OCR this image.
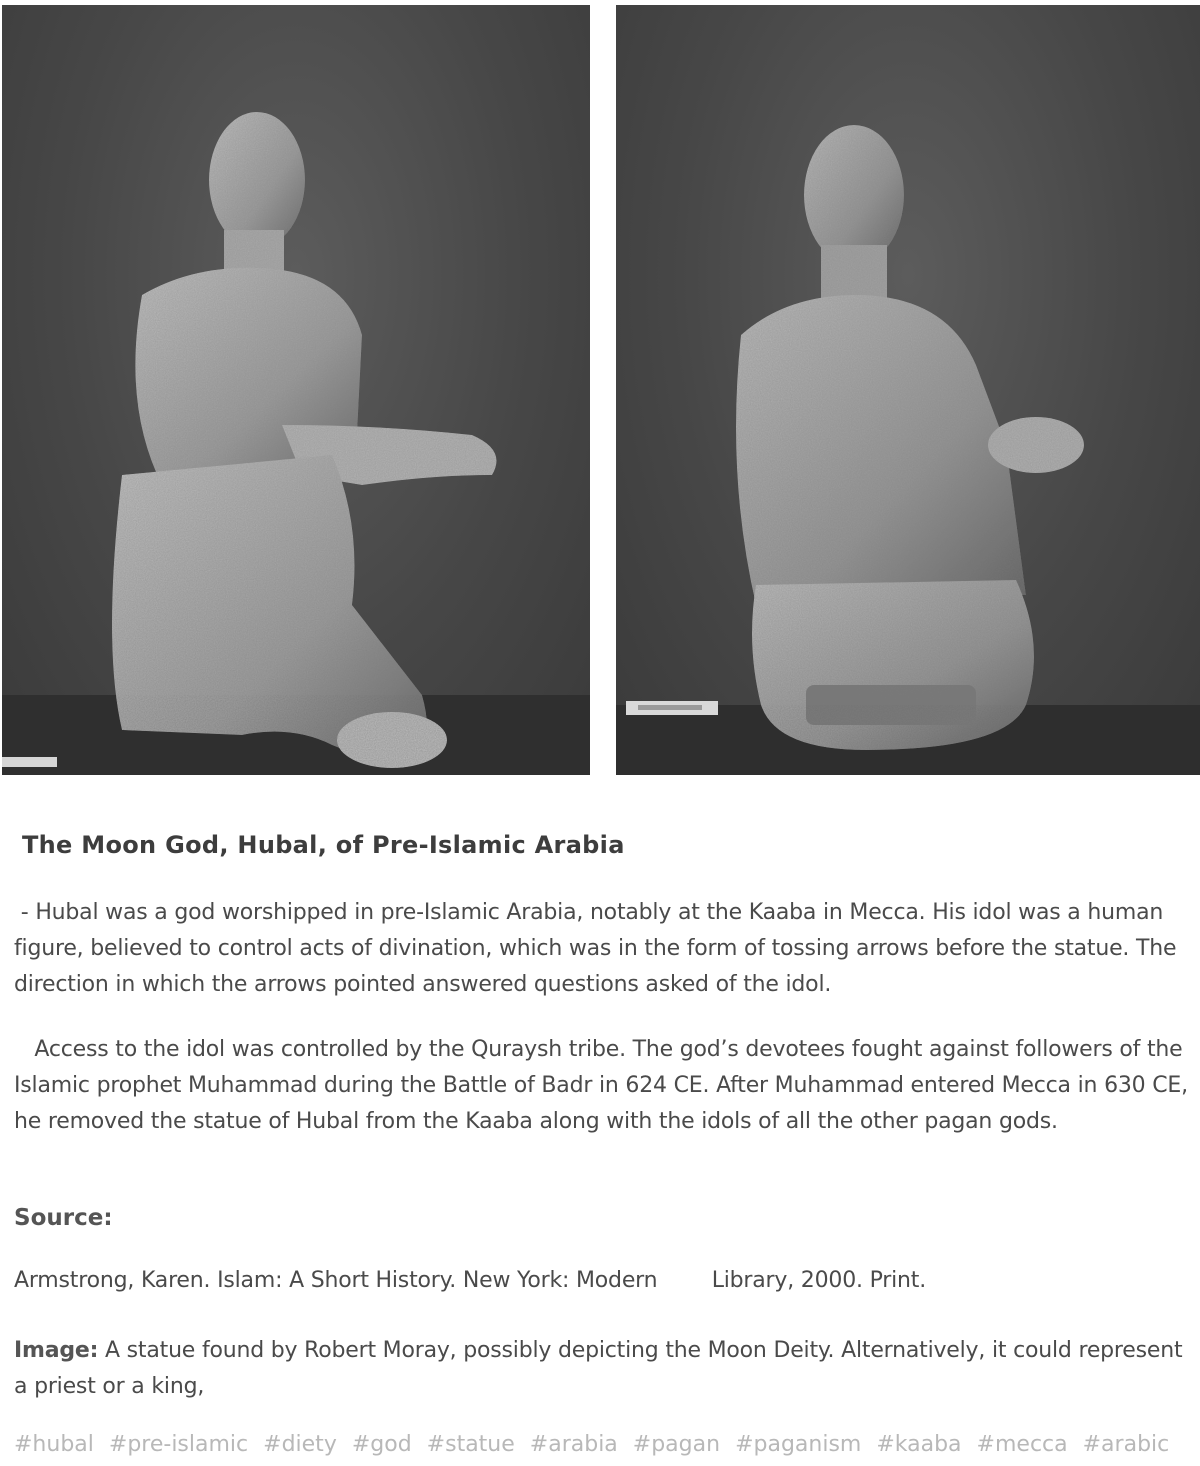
The Moon God, Hubal, of Pre-Islamic Arabia
- Hubal was a god worshipped in pre-Islamic Arabia, notably at the Kaaba in Mecca. His idol was a human figure, believed to control acts of divination, which was in the form of tossing arrows before the statue. The direction in which the arrows pointed answered questions asked of the idol.
Access to the idol was controlled by the Quraysh tribe. The god’s devotees fought against followers of the Islamic prophet Muhammad during the Battle of Badr in 624 CE. After Muhammad entered Mecca in 630 CE, he removed the statue of Hubal from the Kaaba along with the idols of all the other pagan gods.
Source:
Armstrong, Karen. Islam: A Short History. New York: Modern        Library, 2000. Print.
Image: A statue found by Robert Moray, possibly depicting the Moon Deity. Alternatively, it could represent  a priest or a king,
#hubal #pre-islamic #diety #god #statue #arabia #pagan #paganism #kaaba #mecca #arabic
